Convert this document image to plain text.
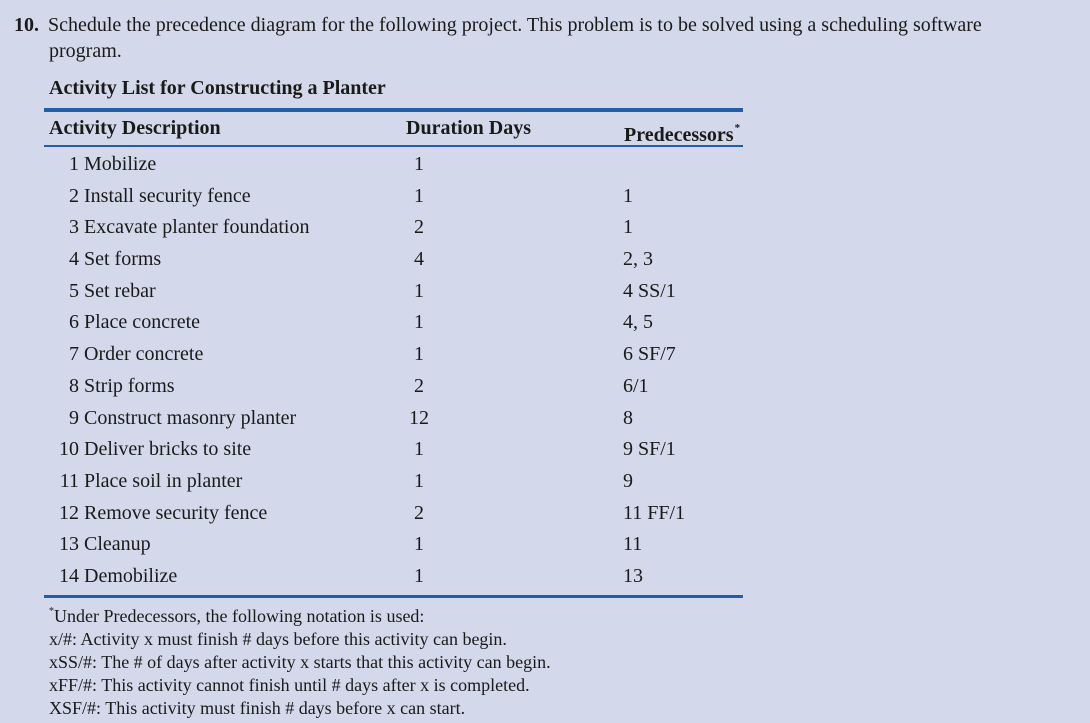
10. Schedule the precedence diagram for the following project. This problem is to be solved using a scheduling software
program.
Activity List for Constructing a Planter
Activity Description	Duration Days	Predecessors*
1 Mobilize	1
2 Install security fence	1	1
3 Excavate planter foundation	2	1
4 Set forms	4	2, 3
5 Set rebar	1	4 SS/1
6 Place concrete	1	4, 5
7 Order concrete	1	6 SF/7
8 Strip forms	2	6/1
9 Construct masonry planter	12	8
10 Deliver bricks to site	1	9 SF/1
11 Place soil in planter	1	9
12 Remove security fence	2	11 FF/1
13 Cleanup	1	11
14 Demobilize	1	13
*Under Predecessors, the following notation is used:
x/#: Activity x must finish # days before this activity can begin.
xSS/#: The # of days after activity x starts that this activity can begin.
xFF/#: This activity cannot finish until # days after x is completed.
XSF/#: This activity must finish # days before x can start.
